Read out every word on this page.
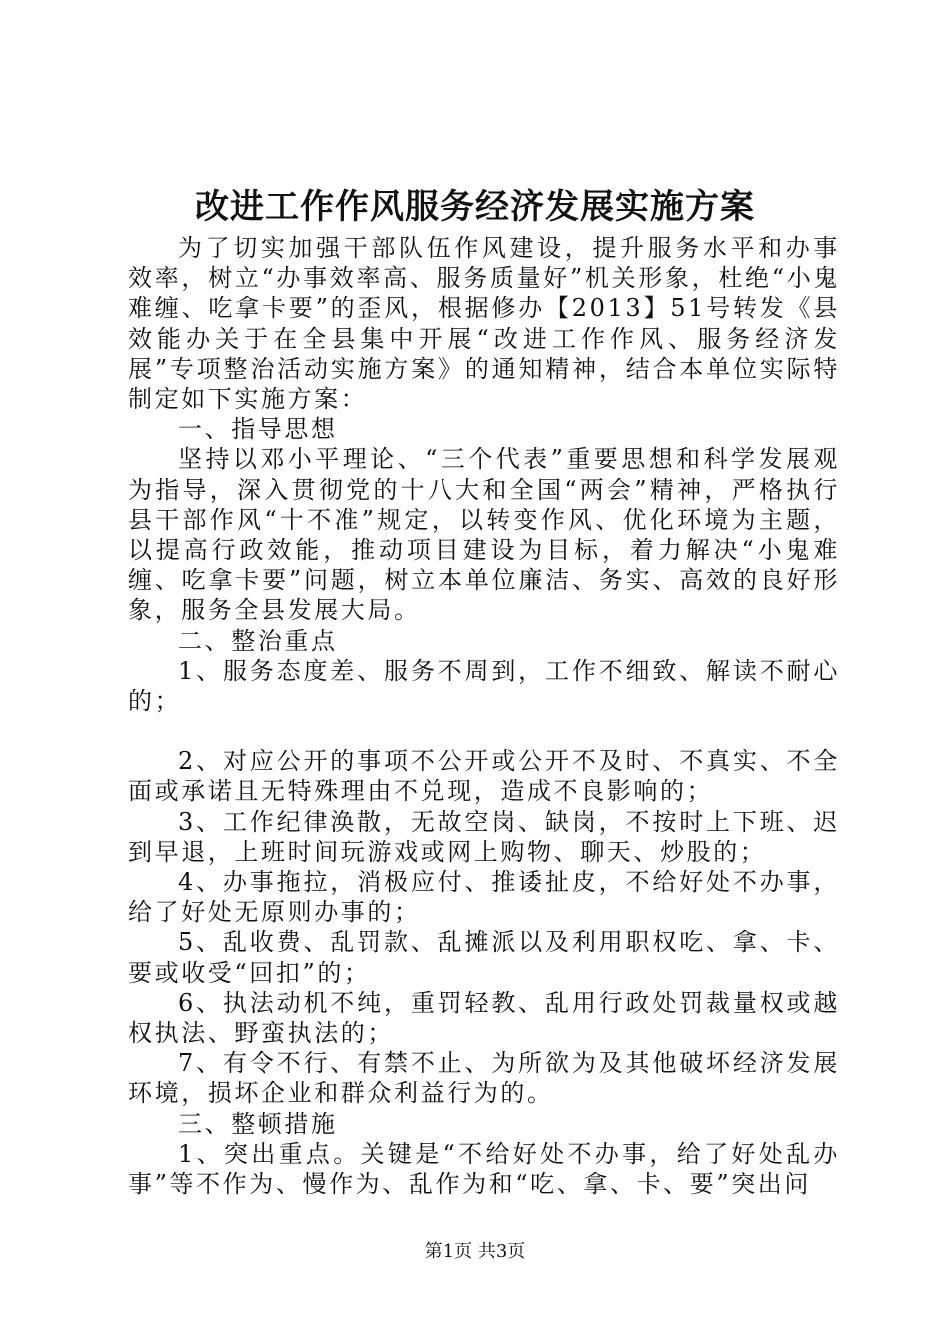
改进工作作风服务经济发展实施方案

为了切实加强干部队伍作风建设，提升服务水平和办事效率，树立“办事效率高、服务质量好”机关形象，杜绝“小鬼难缠、吃拿卡要”的歪风，根据修办【2013】51号转发《县效能办关于在全县集中开展“改进工作作风、服务经济发展”专项整治活动实施方案》的通知精神，结合本单位实际特制定如下实施方案：

一、指导思想

坚持以邓小平理论、“三个代表”重要思想和科学发展观为指导，深入贯彻党的十八大和全国“两会”精神，严格执行县干部作风“十不准”规定，以转变作风、优化环境为主题，以提高行政效能，推动项目建设为目标，着力解决“小鬼难缠、吃拿卡要”问题，树立本单位廉洁、务实、高效的良好形象，服务全县发展大局。

二、整治重点

1、服务态度差、服务不周到，工作不细致、解读不耐心的；

2、对应公开的事项不公开或公开不及时、不真实、不全面或承诺且无特殊理由不兑现，造成不良影响的；

3、工作纪律涣散，无故空岗、缺岗，不按时上下班、迟到早退，上班时间玩游戏或网上购物、聊天、炒股的；

4、办事拖拉，消极应付、推诿扯皮，不给好处不办事，给了好处无原则办事的；

5、乱收费、乱罚款、乱摊派以及利用职权吃、拿、卡、要或收受“回扣”的；

6、执法动机不纯，重罚轻教、乱用行政处罚裁量权或越权执法、野蛮执法的；

7、有令不行、有禁不止、为所欲为及其他破坏经济发展环境，损坏企业和群众利益行为的。

三、整顿措施

1、突出重点。关键是“不给好处不办事，给了好处乱办事”等不作为、慢作为、乱作为和“吃、拿、卡、要”突出问

第1页 共3页
